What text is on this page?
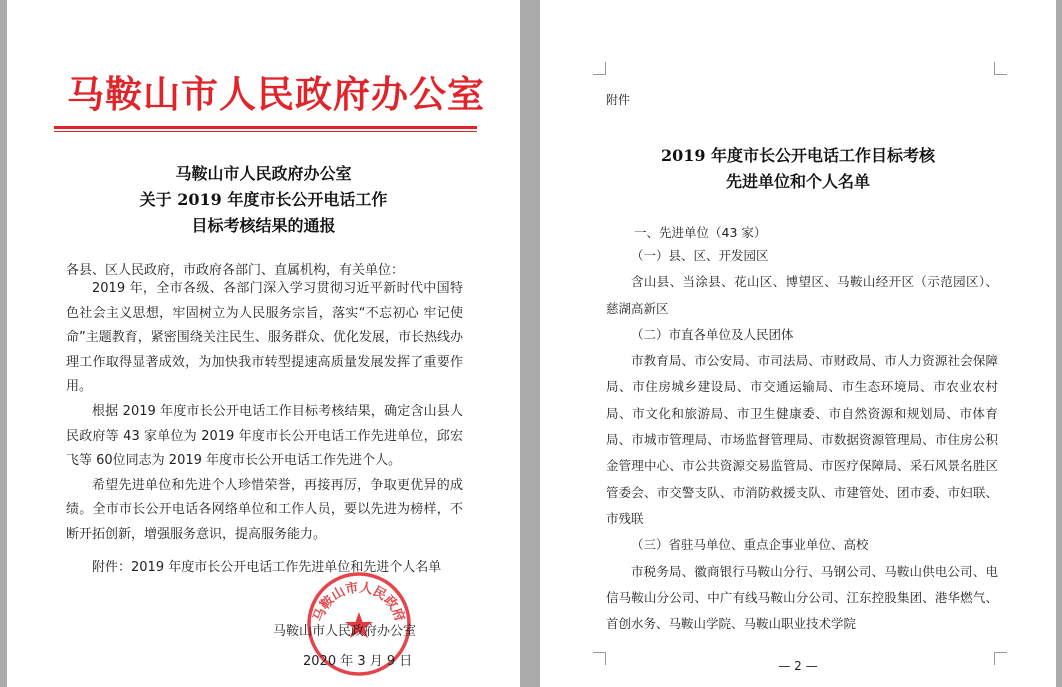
马鞍山市人民政府办公室
马鞍山市人民政府办公室
关于 2019 年度市长公开电话工作
目标考核结果的通报
各县、区人民政府，市政府各部门、直属机构，有关单位：

2019 年，全市各级、各部门深入学习贯彻习近平新时代中国特色社会主义思想，牢固树立为人民服务宗旨，落实“不忘初心 牢记使命”主题教育，紧密围绕关注民生、服务群众、优化发展，市长热线办理工作取得显著成效，为加快我市转型提速高质量发展发挥了重要作用。

根据 2019 年度市长公开电话工作目标考核结果，确定含山县人民政府等 43 家单位为 2019 年度市长公开电话工作先进单位，邱宏飞等 60位同志为 2019 年度市长公开电话工作先进个人。

希望先进单位和先进个人珍惜荣誉，再接再厉，争取更优异的成绩。全市市长公开电话各网络单位和工作人员，要以先进为榜样，不断开拓创新，增强服务意识，提高服务能力。

附件：2019 年度市长公开电话工作先进单位和先进个人名单
马鞍山市人民政府
马鞍山市人民政府办公室
2020 年 3 月 9 日
附件
2019 年度市长公开电话工作目标考核
先进单位和个人名单
一、先进单位（43 家）

（一）县、区、开发园区

含山县、当涂县、花山区、博望区、马鞍山经开区（示范园区）、慈湖高新区

（二）市直各单位及人民团体

市教育局、市公安局、市司法局、市财政局、市人力资源社会保障局、市住房城乡建设局、市交通运输局、市生态环境局、市农业农村局、市文化和旅游局、市卫生健康委、市自然资源和规划局、市体育局、市城市管理局、市场监督管理局、市数据资源管理局、市住房公积金管理中心、市公共资源交易监管局、市医疗保障局、采石风景名胜区管委会、市交警支队、市消防救援支队、市建管处、团市委、市妇联、市残联

（三）省驻马单位、重点企事业单位、高校

市税务局、徽商银行马鞍山分行、马钢公司、马鞍山供电公司、电信马鞍山分公司、中广有线马鞍山分公司、江东控股集团、港华燃气、首创水务、马鞍山学院、马鞍山职业技术学院

— 2 —
